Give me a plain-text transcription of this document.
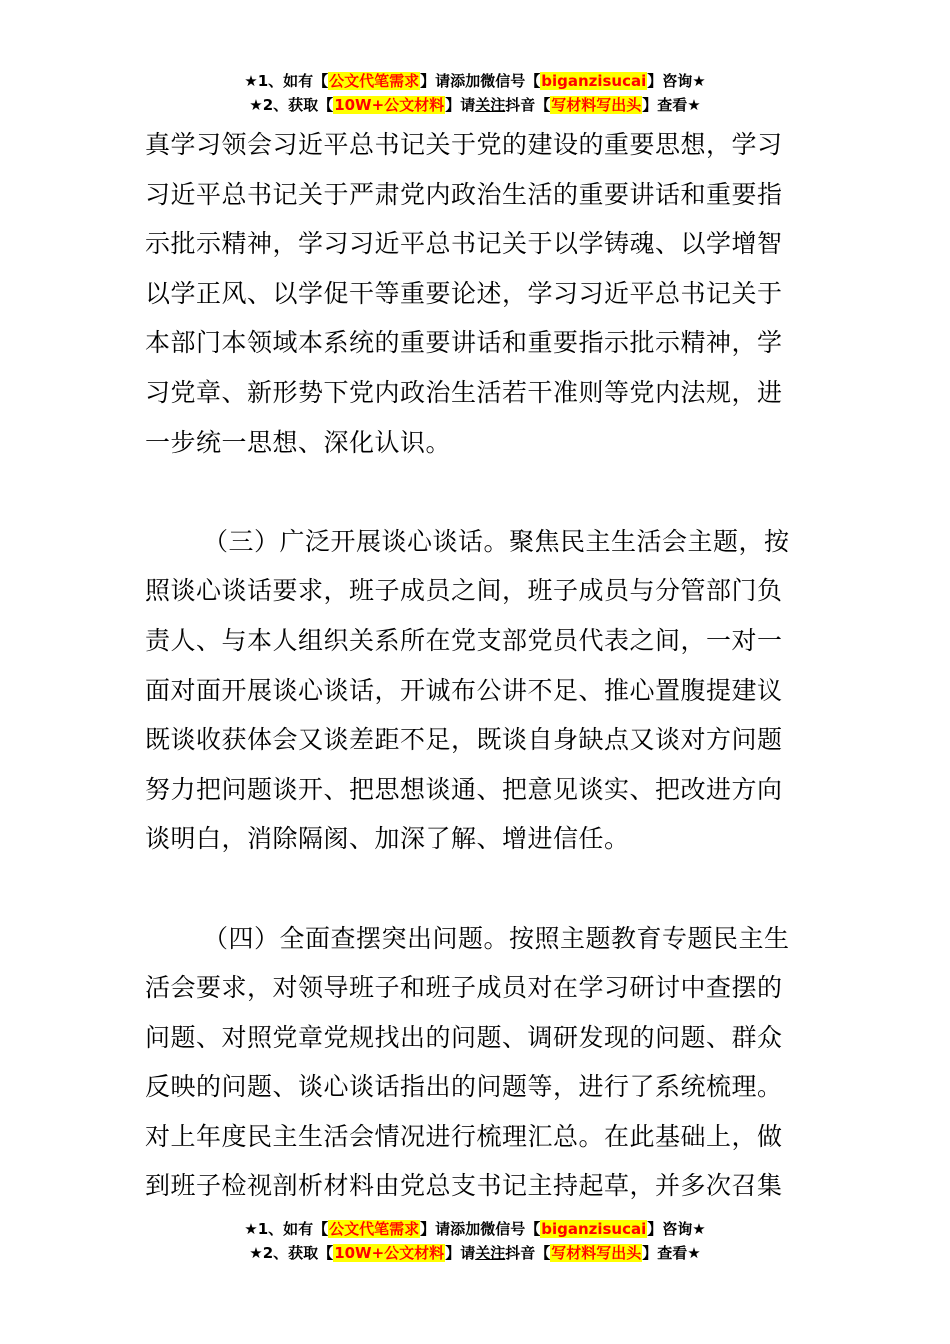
★1、如有【公文代笔需求】请添加微信号【biganzisucai】咨询★
★2、获取【10W+公文材料】请关注抖音【写材料写出头】查看★
真学习领会习近平总书记关于党的建设的重要思想，学习
习近平总书记关于严肃党内政治生活的重要讲话和重要指
示批示精神，学习习近平总书记关于以学铸魂、以学增智
以学正风、以学促干等重要论述，学习习近平总书记关于
本部门本领域本系统的重要讲话和重要指示批示精神，学
习党章、新形势下党内政治生活若干准则等党内法规，进
一步统一思想、深化认识。
（三）广泛开展谈心谈话。聚焦民主生活会主题，按
照谈心谈话要求，班子成员之间，班子成员与分管部门负
责人、与本人组织关系所在党支部党员代表之间，一对一
面对面开展谈心谈话，开诚布公讲不足、推心置腹提建议
既谈收获体会又谈差距不足，既谈自身缺点又谈对方问题
努力把问题谈开、把思想谈通、把意见谈实、把改进方向
谈明白，消除隔阂、加深了解、增进信任。
（四）全面查摆突出问题。按照主题教育专题民主生
活会要求，对领导班子和班子成员对在学习研讨中查摆的
问题、对照党章党规找出的问题、调研发现的问题、群众
反映的问题、谈心谈话指出的问题等，进行了系统梳理。
对上年度民主生活会情况进行梳理汇总。在此基础上，做
到班子检视剖析材料由党总支书记主持起草，并多次召集
★1、如有【公文代笔需求】请添加微信号【biganzisucai】咨询★
★2、获取【10W+公文材料】请关注抖音【写材料写出头】查看★
